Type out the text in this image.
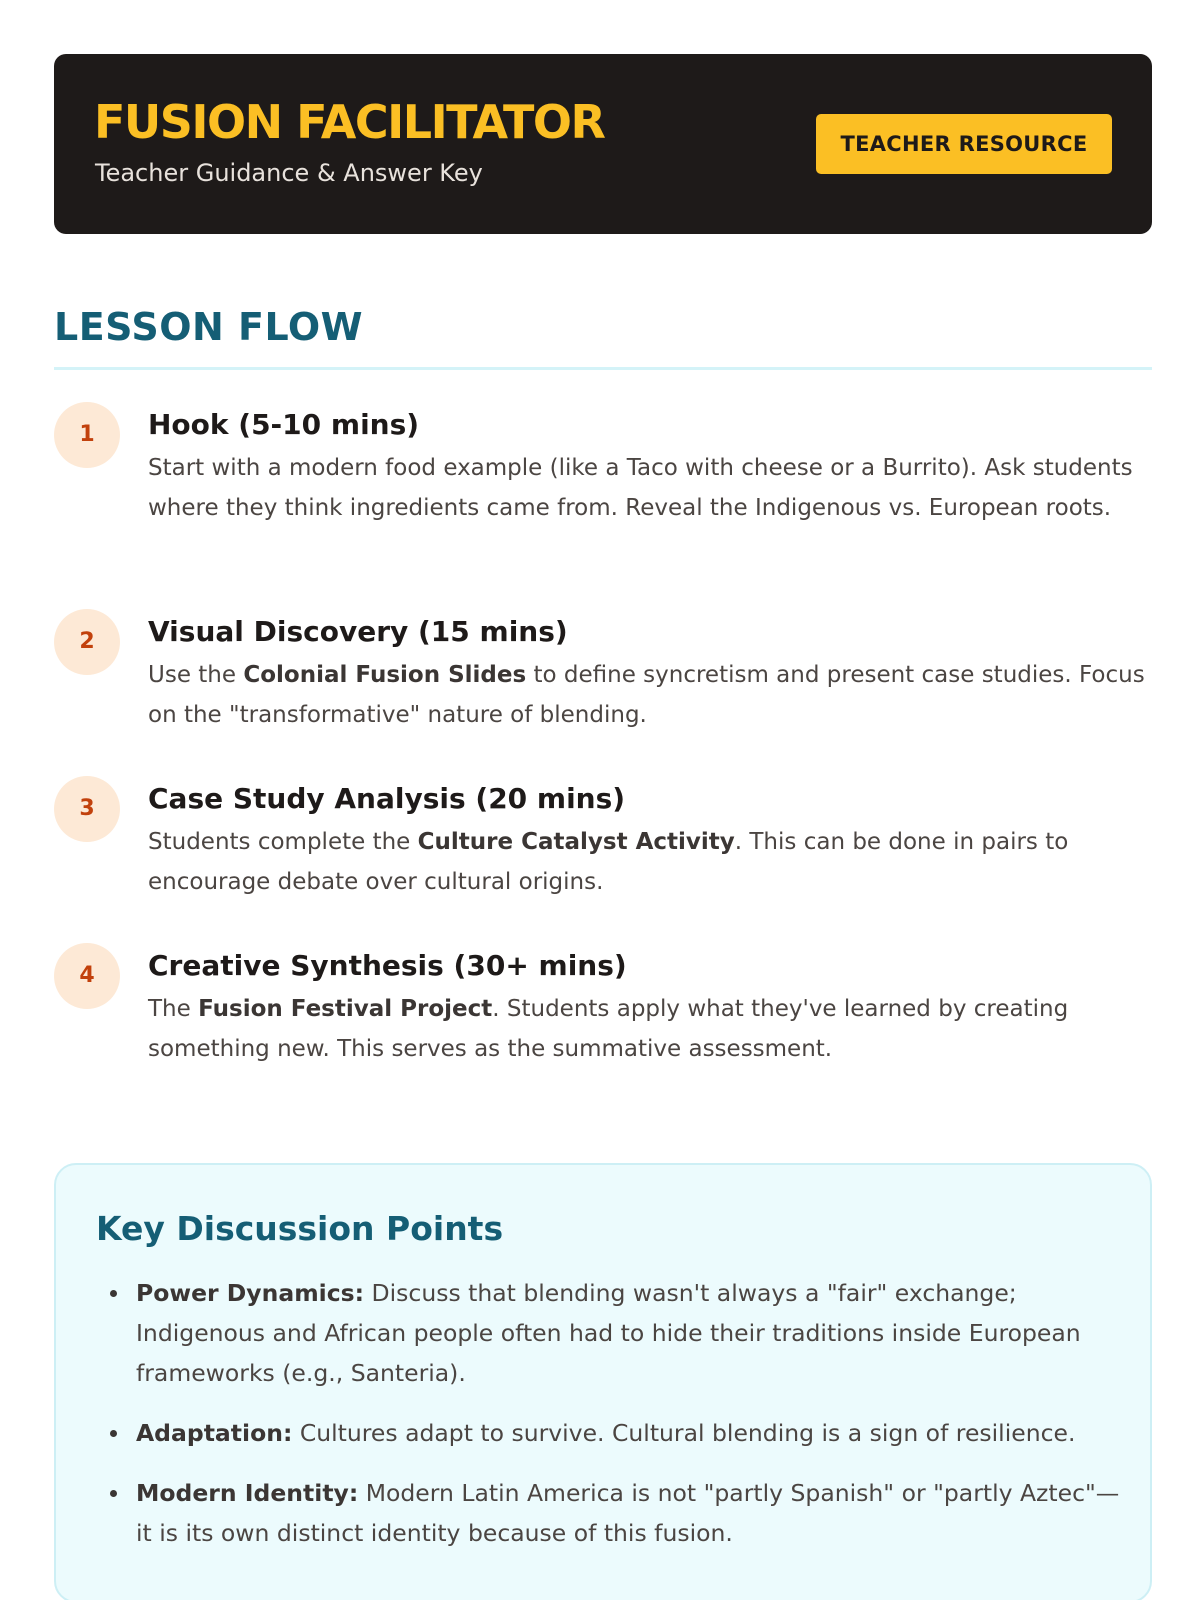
FUSION FACILITATOR
Teacher Guidance & Answer Key
TEACHER RESOURCE
LESSON FLOW
1	Hook (5-10 mins)
Start with a modern food example (like a Taco with cheese or a Burrito). Ask students where they think ingredients came from. Reveal the Indigenous vs. European roots.
2	Visual Discovery (15 mins)
Use the Colonial Fusion Slides to define syncretism and present case studies. Focus on the "transformative" nature of blending.
3	Case Study Analysis (20 mins)
Students complete the Culture Catalyst Activity. This can be done in pairs to encourage debate over cultural origins.
4	Creative Synthesis (30+ mins)
The Fusion Festival Project. Students apply what they've learned by creating something new. This serves as the summative assessment.
Key Discussion Points
Power Dynamics: Discuss that blending wasn't always a "fair" exchange; Indigenous and African people often had to hide their traditions inside European frameworks (e.g., Santeria).
Adaptation: Cultures adapt to survive. Cultural blending is a sign of resilience.
Modern Identity: Modern Latin America is not "partly Spanish" or "partly Aztec"—it is its own distinct identity because of this fusion.
